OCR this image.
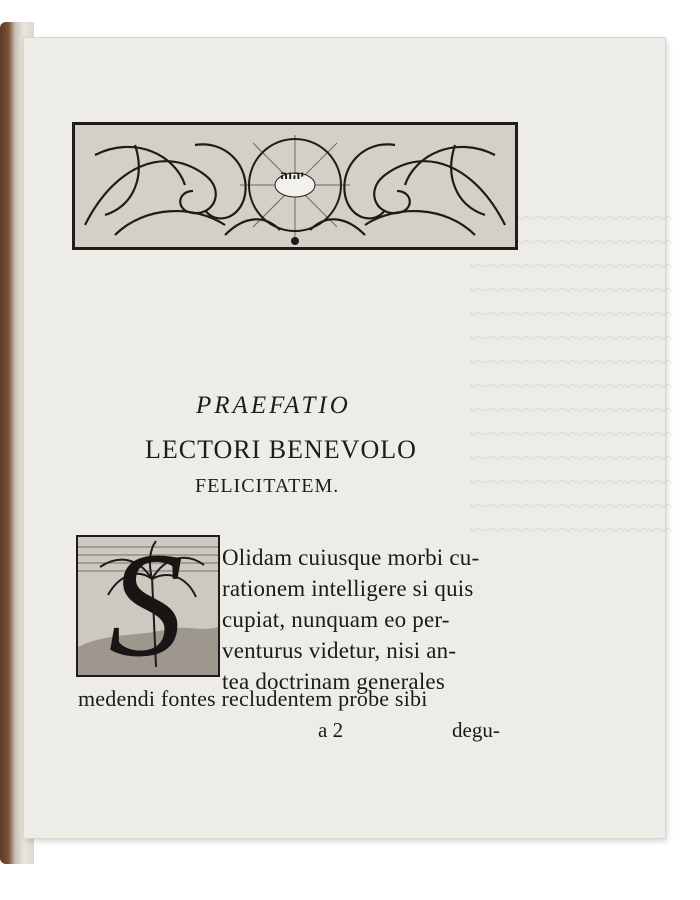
~~~~~~~~~~~~~~~~~
~~~~~~~~~~~~~~~~~
~~~~~~~~~~~~~~~~~
~~~~~~~~~~~~~~~~~
~~~~~~~~~~~~~~~~~
~~~~~~~~~~~~~~~~~
~~~~~~~~~~~~~~~~~
~~~~~~~~~~~~~~~~~
~~~~~~~~~~~~~~~~~
~~~~~~~~~~~~~~~~~
~~~~~~~~~~~~~~~~~
~~~~~~~~~~~~~~~~~
~~~~~~~~~~~~~~~~~
~~~~~~~~~~~~~~~~~
יהוה
PRAEFATIO
LECTORI BENEVOLO
FELICITATEM.
S	Olidam cuiusque morbi cu-
rationem intelligere si quis
cupiat, nunquam eo per-
venturus videtur, nisi an-
tea doctrinam generales
medendi fontes recludentem probe sibi
a 2	degu-
